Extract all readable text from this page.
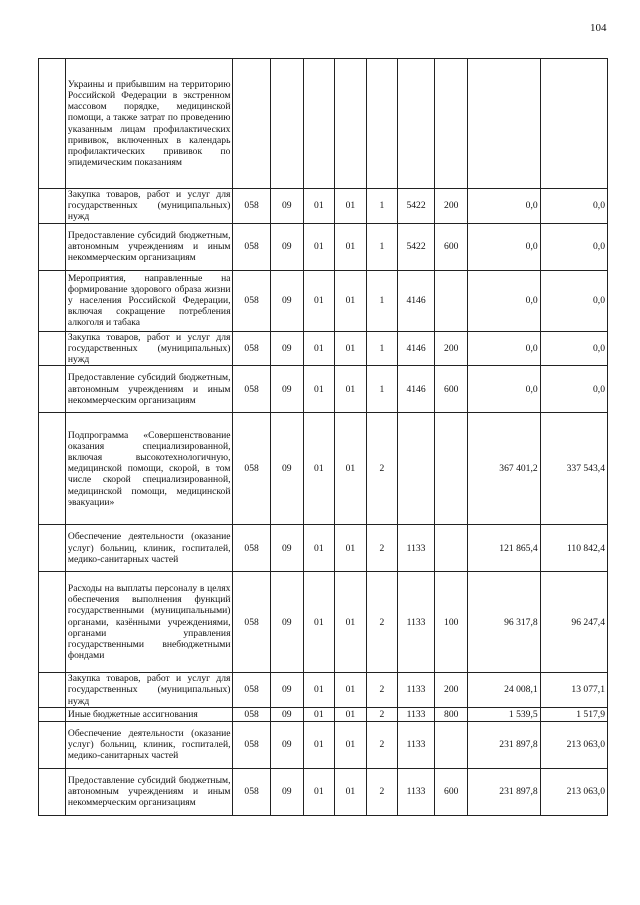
104
	Украины и прибывшим на территорию Российской Федерации в экстренном массовом порядке, медицинской помощи, а также затрат по проведению указанным лицам профилактических прививок, включенных в календарь профилактических прививок по эпидемическим показаниям									
	Закупка товаров, работ и услуг для государственных (муниципальных) нужд	058	09	01	01	1	5422	200	0,0	0,0
	Предоставление субсидий бюджетным, автономным учреждениям и иным некоммерческим организациям	058	09	01	01	1	5422	600	0,0	0,0
	Мероприятия, направленные на формирование здорового образа жизни у населения Российской Федерации, включая сокращение потребления алкоголя и табака	058	09	01	01	1	4146		0,0	0,0
	Закупка товаров, работ и услуг для государственных (муниципальных) нужд	058	09	01	01	1	4146	200	0,0	0,0
	Предоставление субсидий бюджетным, автономным учреждениям и иным некоммерческим организациям	058	09	01	01	1	4146	600	0,0	0,0
	Подпрограмма «Совершенствование оказания специализированной, включая высокотехнологичную, медицинской помощи, скорой, в том числе скорой специализированной, медицинской помощи, медицинской эвакуации»	058	09	01	01	2			367 401,2	337 543,4
	Обеспечение деятельности (оказание услуг) больниц, клиник, госпиталей, медико-санитарных частей	058	09	01	01	2	1133		121 865,4	110 842,4
	Расходы на выплаты персоналу в целях обеспечения выполнения функций государственными (муниципальными) органами, казёнными учреждениями, органами управления государственными внебюджетными фондами	058	09	01	01	2	1133	100	96 317,8	96 247,4
	Закупка товаров, работ и услуг для государственных (муниципальных) нужд	058	09	01	01	2	1133	200	24 008,1	13 077,1
	Иные бюджетные ассигнования	058	09	01	01	2	1133	800	1 539,5	1 517,9
	Обеспечение деятельности (оказание услуг) больниц, клиник, госпиталей, медико-санитарных частей	058	09	01	01	2	1133		231 897,8	213 063,0
	Предоставление субсидий бюджетным, автономным учреждениям и иным некоммерческим организациям	058	09	01	01	2	1133	600	231 897,8	213 063,0
